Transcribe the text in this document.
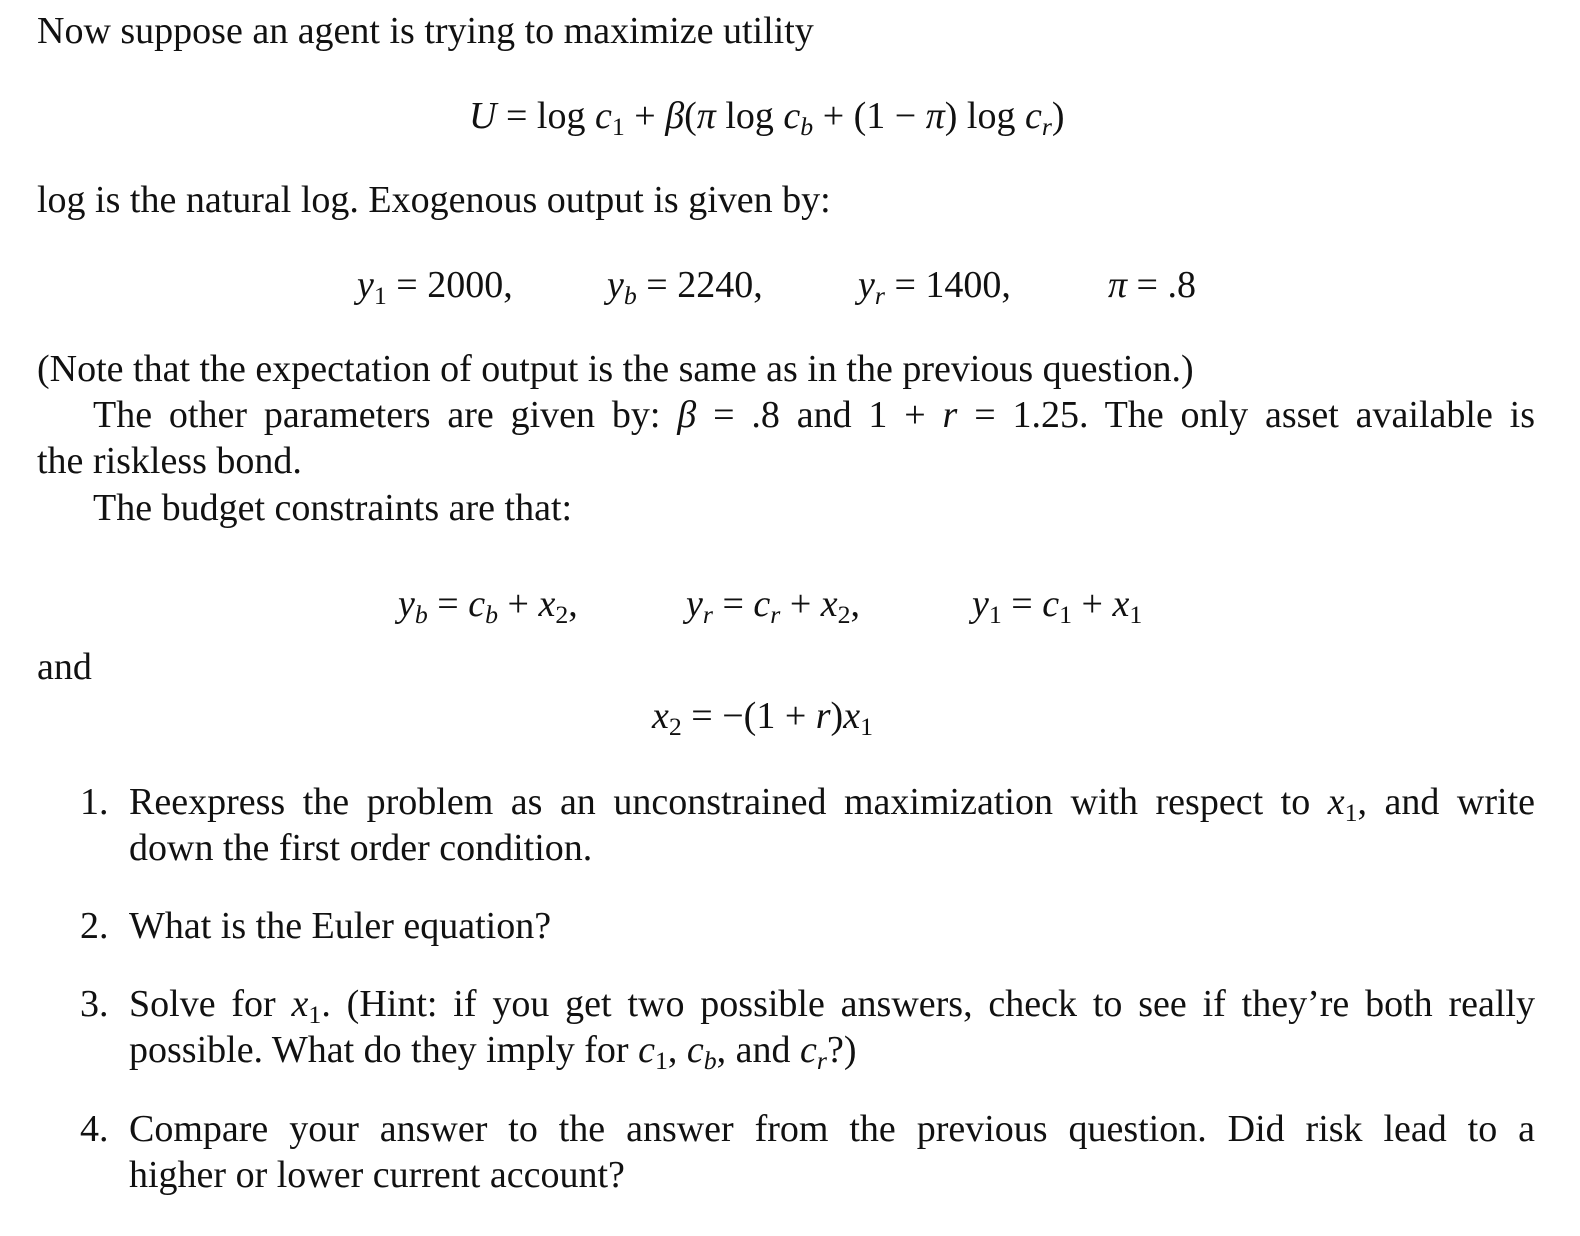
Now suppose an agent is trying to maximize utility
$U = \log c_1 + \beta(\pi$ $\log c_b + (1 - \pi)$ $\log c_r$)
log is the natural log. Exogenous output is given by:
$y_1 = 2000$, $y_b = 2240$,	$y_r = 1400$,	π = .8
(Note that the expectation of output is the same as in the previous question.)
The other parameters are given by: β = .8 and 1 + r = 1.25. The only asset available is
the riskless bond.
The budget constraints are that:
$y_b = c_b + x_2$,	$y_r = c_r + x_2$,	$y_1 = c_1 + x_1$
and
$x_2 = -(1 + r)x_1$
1. Reexpress the problem as an unconstrained maximization with respect to $x_1$, and write
down the first order condition.
2. What is the Euler equation?
3. Solve for $x_1$. (Hint: if you get two possible answers, check to see if they’re both really
possible. What do they imply for $c_1$, $c_b$, and $c_r$?)
4. Compare your answer to the answer from the previous question. Did risk lead to a
higher or lower current account?
